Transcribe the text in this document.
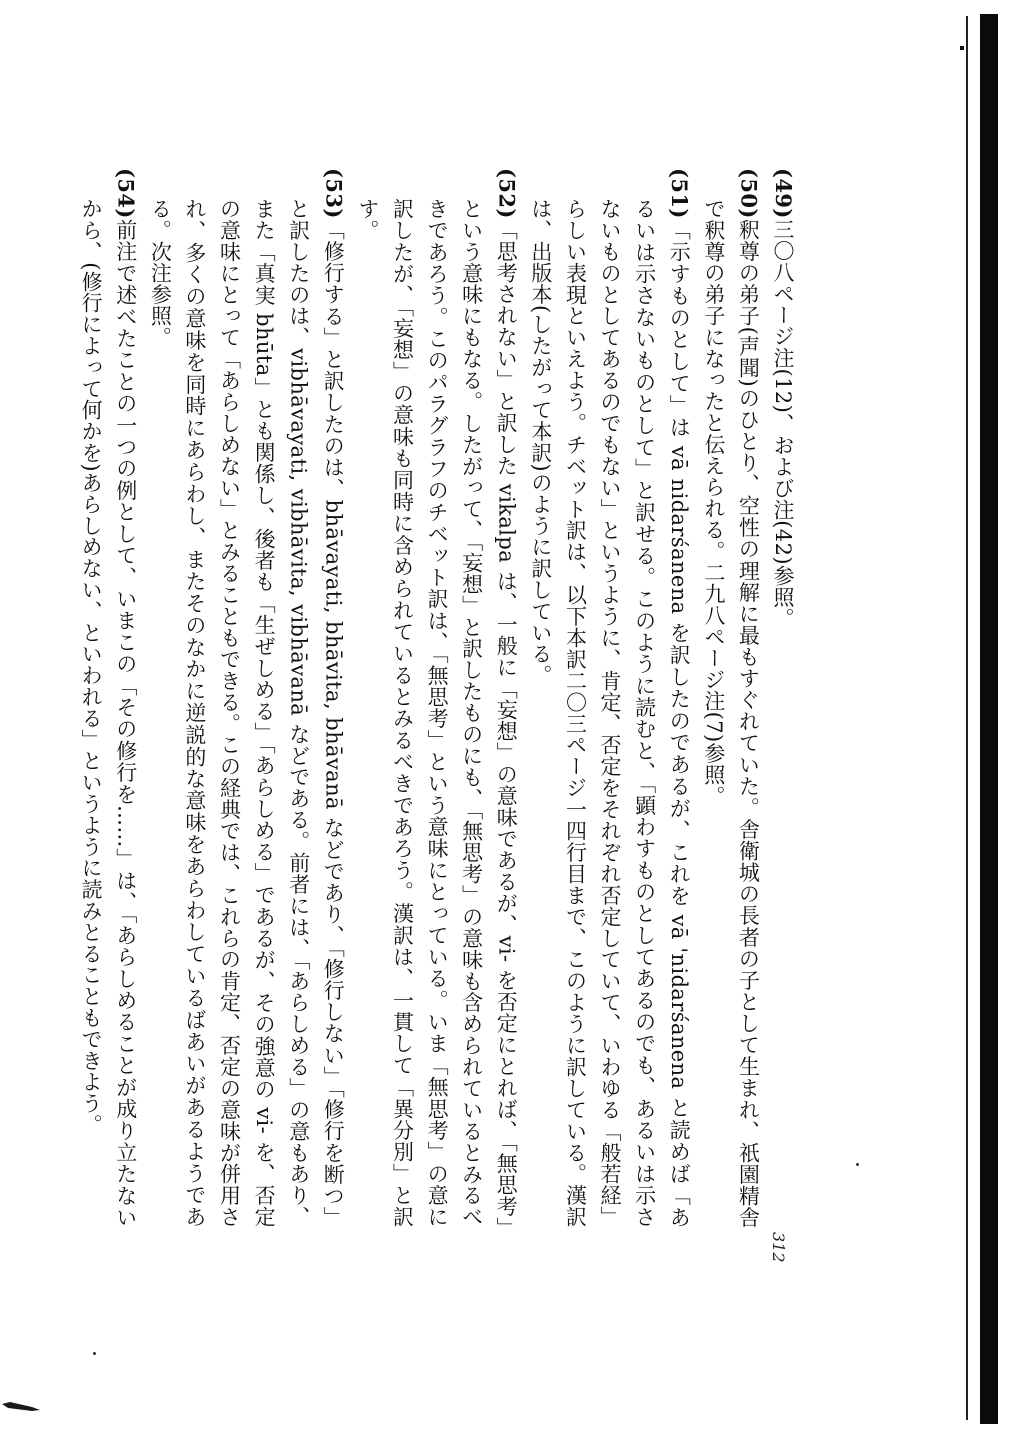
(49)三〇八ページ注(12)、および注(42)参照。

(50)釈尊の弟子(声聞)のひとり、空性の理解に最もすぐれていた。舎衛城の長者の子として生まれ、祇園精舎で釈尊の弟子になったと伝えられる。二九八ページ注(7)参照。

(51)「示すものとして」は vā nidarśanena を訳したのであるが、これを vā 'nidarśanena と読めば「あるいは示さないものとして」と訳せる。このように読むと、「顕わすものとしてあるのでも、あるいは示さないものとしてあるのでもない」というように、肯定、否定をそれぞれ否定していて、いわゆる「般若経」らしい表現といえよう。チベット訳は、以下本訳二〇三ページ一四行目まで、このように訳している。漢訳は、出版本(したがって本訳)のように訳している。

(52)「思考されない」と訳した vikalpa は、一般に「妄想」の意味であるが、vi- を否定にとれば、「無思考」という意味にもなる。したがって、「妄想」と訳したものにも、「無思考」の意味も含められているとみるべきであろう。このパラグラフのチベット訳は、「無思考」という意味にとっている。いま「無思考」の意に訳したが、「妄想」の意味も同時に含められているとみるべきであろう。漢訳は、一貫して「異分別」と訳す。

(53)「修行する」と訳したのは、bhāvayati, bhāvita, bhāvanā などであり、「修行しない」「修行を断つ」と訳したのは、vibhāvayati, vibhāvita, vibhāvanā などである。前者には、「あらしめる」の意もあり、また「真実 bhūta」とも関係し、後者も「生ぜしめる」「あらしめる」であるが、その強意の vi- を、否定の意味にとって「あらしめない」とみることもできる。この経典では、これらの肯定、否定の意味が併用され、多くの意味を同時にあらわし、またそのなかに逆説的な意味をあらわしているばあいがあるようである。次注参照。

(54)前注で述べたことの一つの例として、いまこの「その修行を……」は、「あらしめることが成り立たないから、(修行によって何かを)あらしめない、といわれる」というように読みとることもできよう。

312
